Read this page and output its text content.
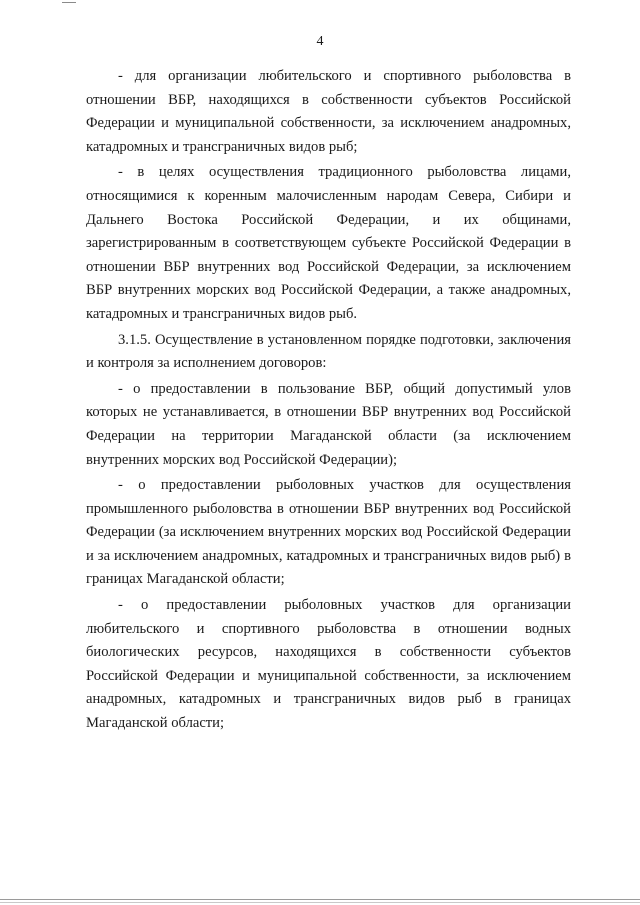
4

- для организации любительского и спортивного рыболовства в отношении ВБР, находящихся в собственности субъектов Российской Федерации и муниципальной собственности, за исключением анадромных, катадромных и трансграничных видов рыб;

- в целях осуществления традиционного рыболовства лицами, относящимися к коренным малочисленным народам Севера, Сибири и Дальнего Востока Российской Федерации, и их общинами, зарегистрированным в соответствующем субъекте Российской Федерации в отношении ВБР внутренних вод Российской Федерации, за исключением ВБР внутренних морских вод Российской Федерации, а также анадромных, катадромных и трансграничных видов рыб.

3.1.5. Осуществление в установленном порядке подготовки, заключения и контроля за исполнением договоров:

- о предоставлении в пользование ВБР, общий допустимый улов которых не устанавливается, в отношении ВБР внутренних вод Российской Федерации на территории Магаданской области (за исключением внутренних морских вод Российской Федерации);

- о предоставлении рыболовных участков для осуществления промышленного рыболовства в отношении ВБР внутренних вод Российской Федерации (за исключением внутренних морских вод Российской Федерации и за исключением анадромных, катадромных и трансграничных видов рыб) в границах Магаданской области;

- о предоставлении рыболовных участков для организации любительского и спортивного рыболовства в отношении водных биологических ресурсов, находящихся в собственности субъектов Российской Федерации и муниципальной собственности, за исключением анадромных, катадромных и трансграничных видов рыб в границах Магаданской области;
